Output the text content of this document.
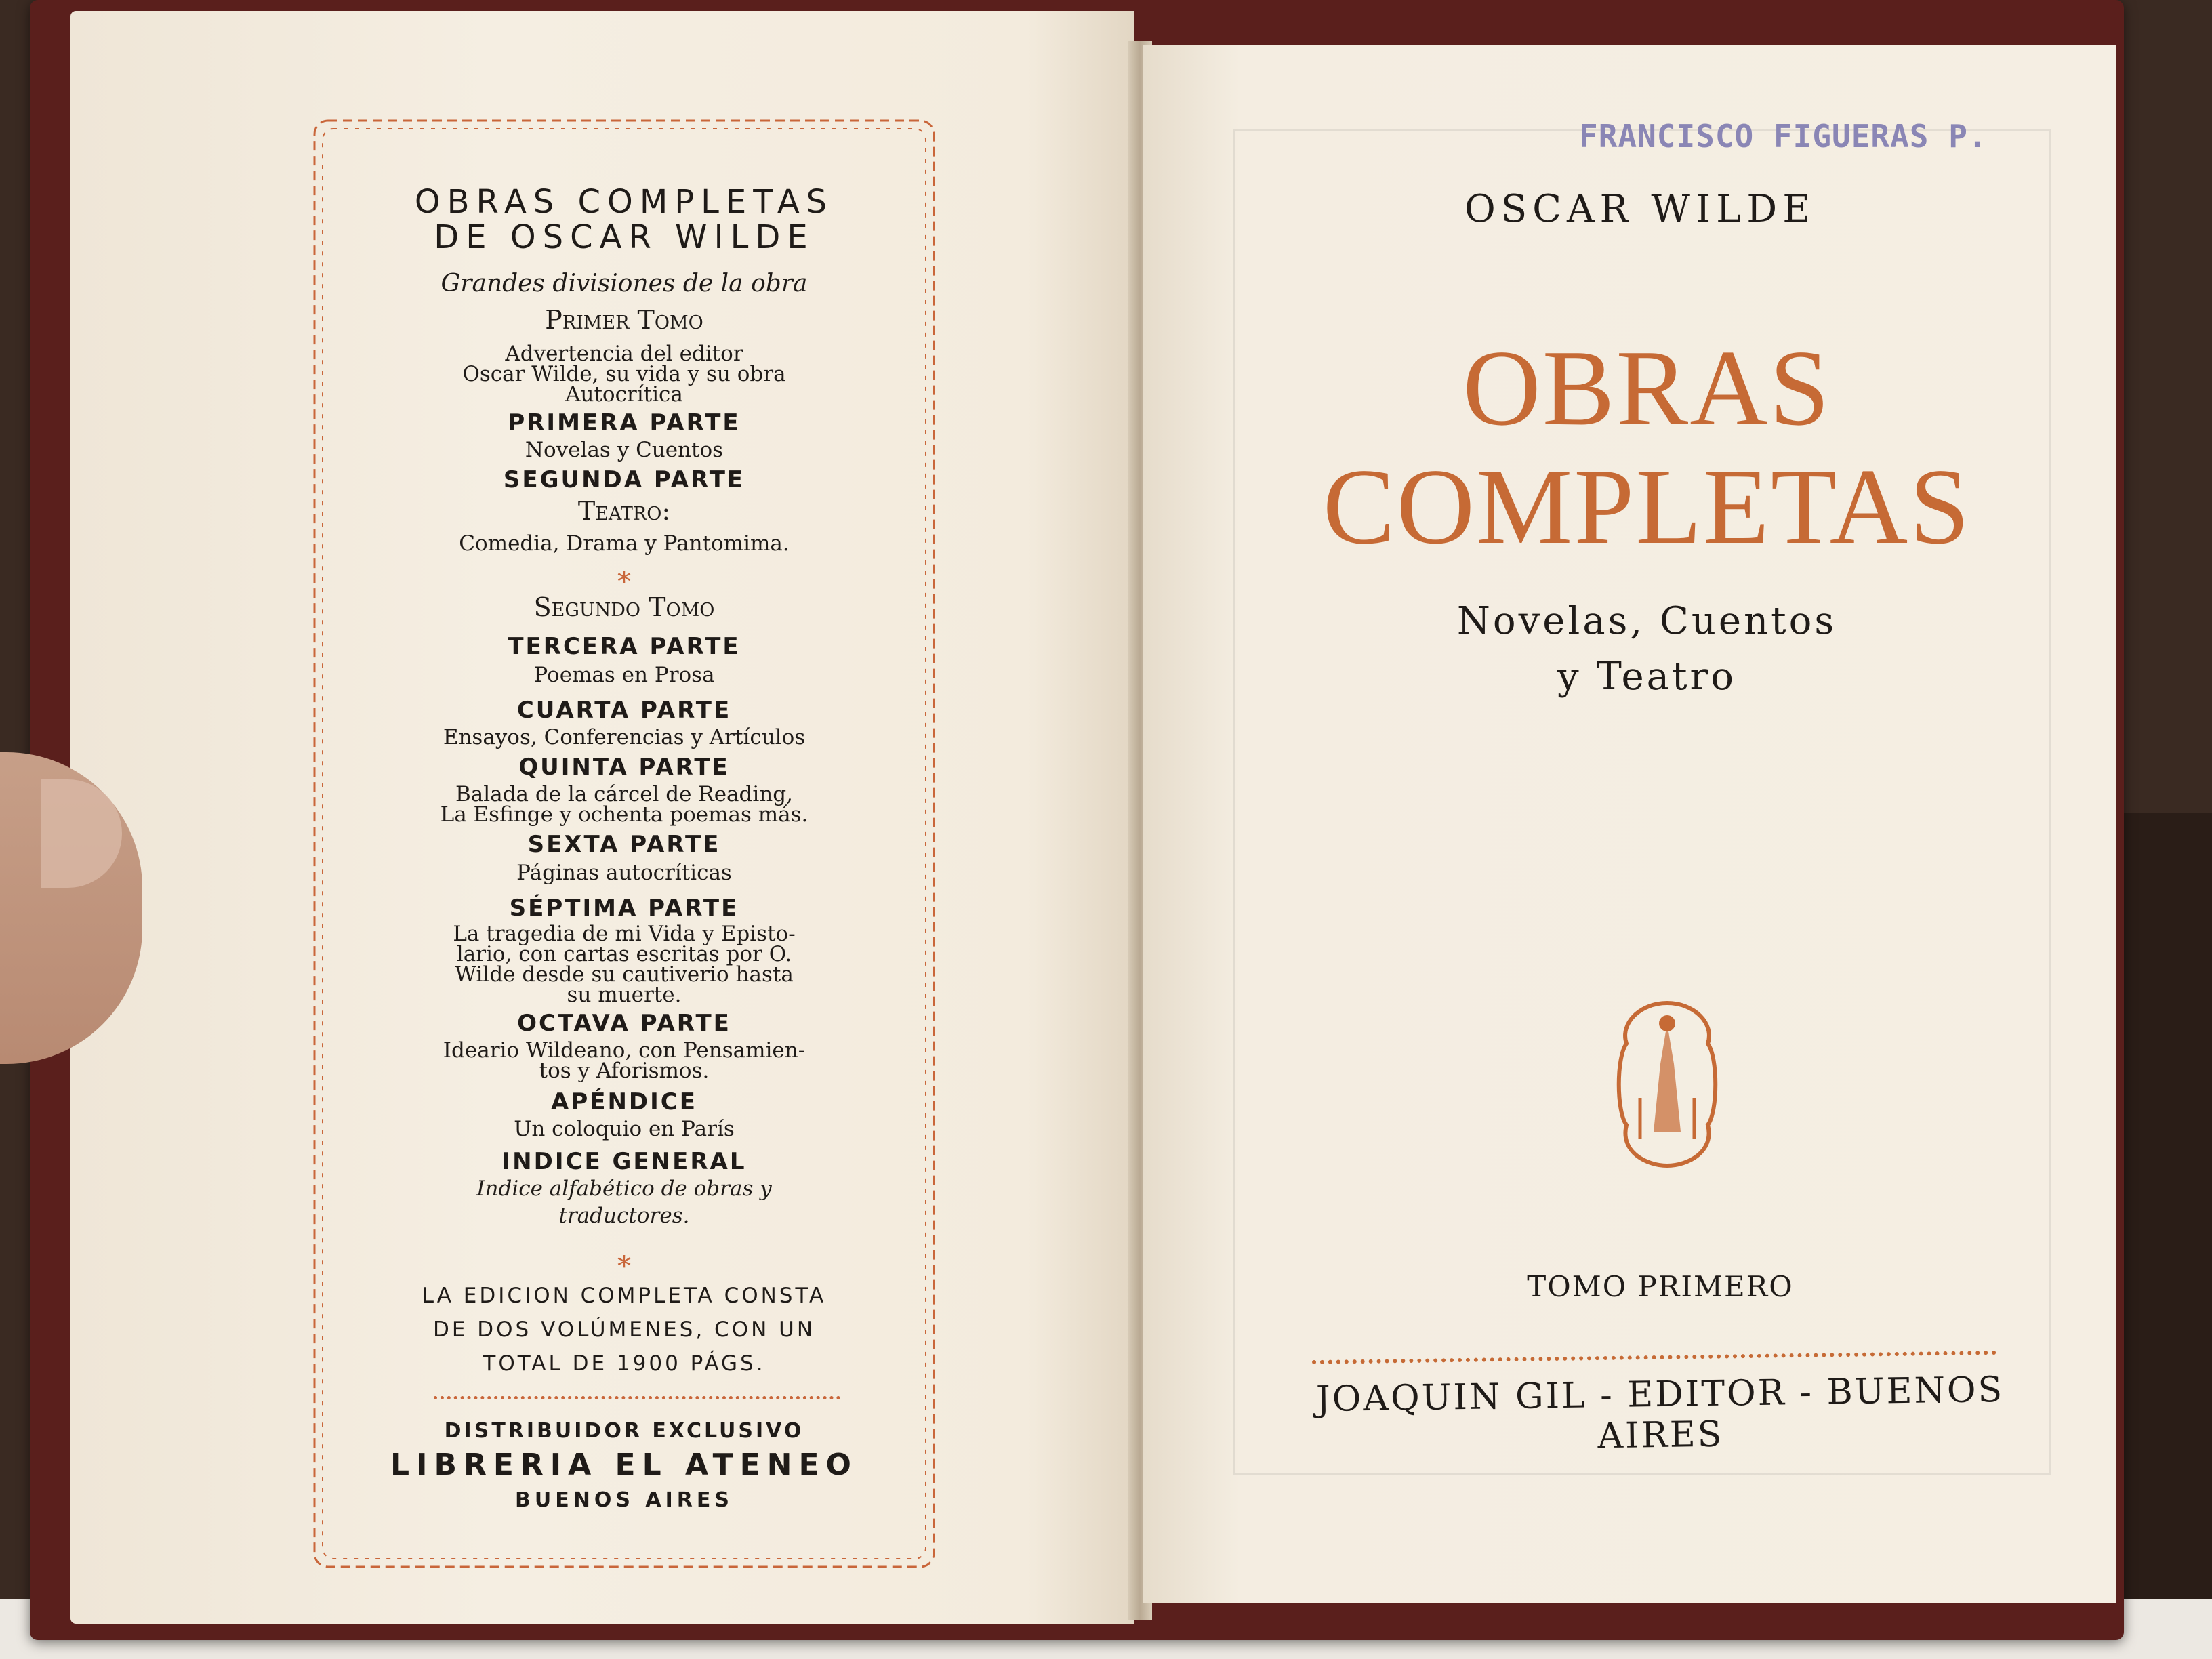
OBRAS COMPLETAS
DE OSCAR WILDE
Grandes divisiones de la obra
Primer Tomo
Advertencia del editor
Oscar Wilde, su vida y su obra
Autocrítica
PRIMERA PARTE
Novelas y Cuentos
SEGUNDA PARTE
Teatro:
Comedia, Drama y Pantomima.
*
Segundo Tomo
TERCERA PARTE
Poemas en Prosa
CUARTA PARTE
Ensayos, Conferencias y Artículos
QUINTA PARTE
Balada de la cárcel de Reading,
La Esfinge y ochenta poemas más.
SEXTA PARTE
Páginas autocríticas
SÉPTIMA PARTE
La tragedia de mi Vida y Episto-
lario, con cartas escritas por O.
Wilde desde su cautiverio hasta
su muerte.
OCTAVA PARTE
Ideario Wildeano, con Pensamien-
tos y Aforismos.
APÉNDICE
Un coloquio en París
INDICE GENERAL
Indice alfabético de obras y
traductores.
*
LA EDICION COMPLETA CONSTA
DE DOS VOLÚMENES, CON UN
TOTAL DE 1900 PÁGS.
DISTRIBUIDOR EXCLUSIVO
LIBRERIA EL ATENEO
BUENOS AIRES
FRANCISCO FIGUERAS P.
OSCAR WILDE
OBRAS
COMPLETAS
Novelas, Cuentos
y Teatro
TOMO PRIMERO
JOAQUIN GIL - EDITOR - BUENOS AIRES
